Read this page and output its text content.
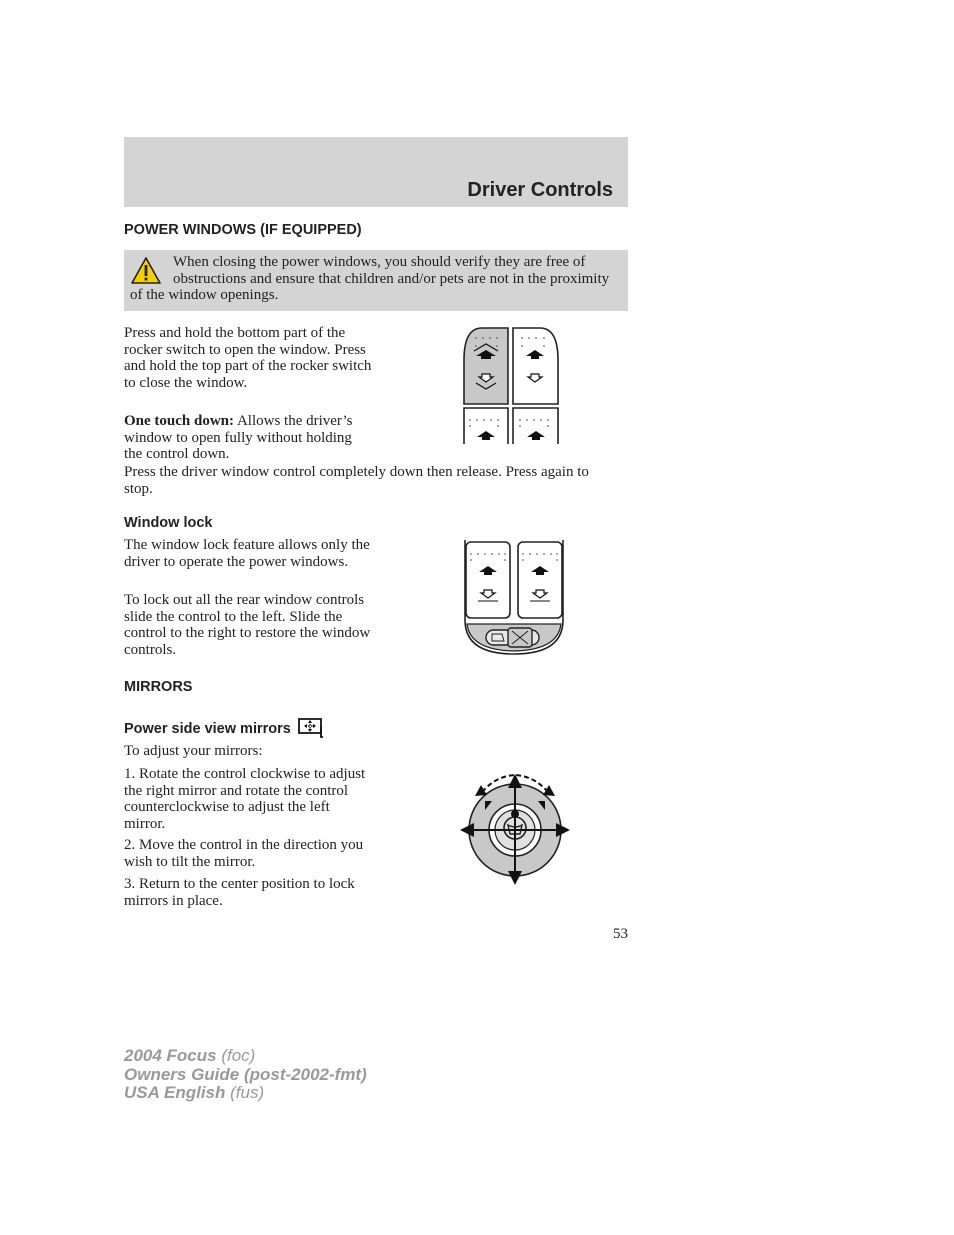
Driver Controls
POWER WINDOWS (IF EQUIPPED)

When closing the power windows, you should verify they are free of obstructions and ensure that children and/or pets are not in the proximity of the window openings.

Press and hold the bottom part of the rocker switch to open the window. Press and hold the top part of the rocker switch to close the window.

One touch down: Allows the driver’s window to open fully without holding the control down.

Press the driver window control completely down then release. Press again to stop.

Window lock

The window lock feature allows only the driver to operate the power windows.

To lock out all the rear window controls slide the control to the left. Slide the control to the right to restore the window controls.

MIRRORS
Power side view mirrors

To adjust your mirrors:

1. Rotate the control clockwise to adjust the right mirror and rotate the control counterclockwise to adjust the left mirror.

2. Move the control in the direction you wish to tilt the mirror.

3. Return to the center position to lock mirrors in place.

53
2004 Focus (foc)
Owners Guide (post-2002-fmt)
USA English (fus)
